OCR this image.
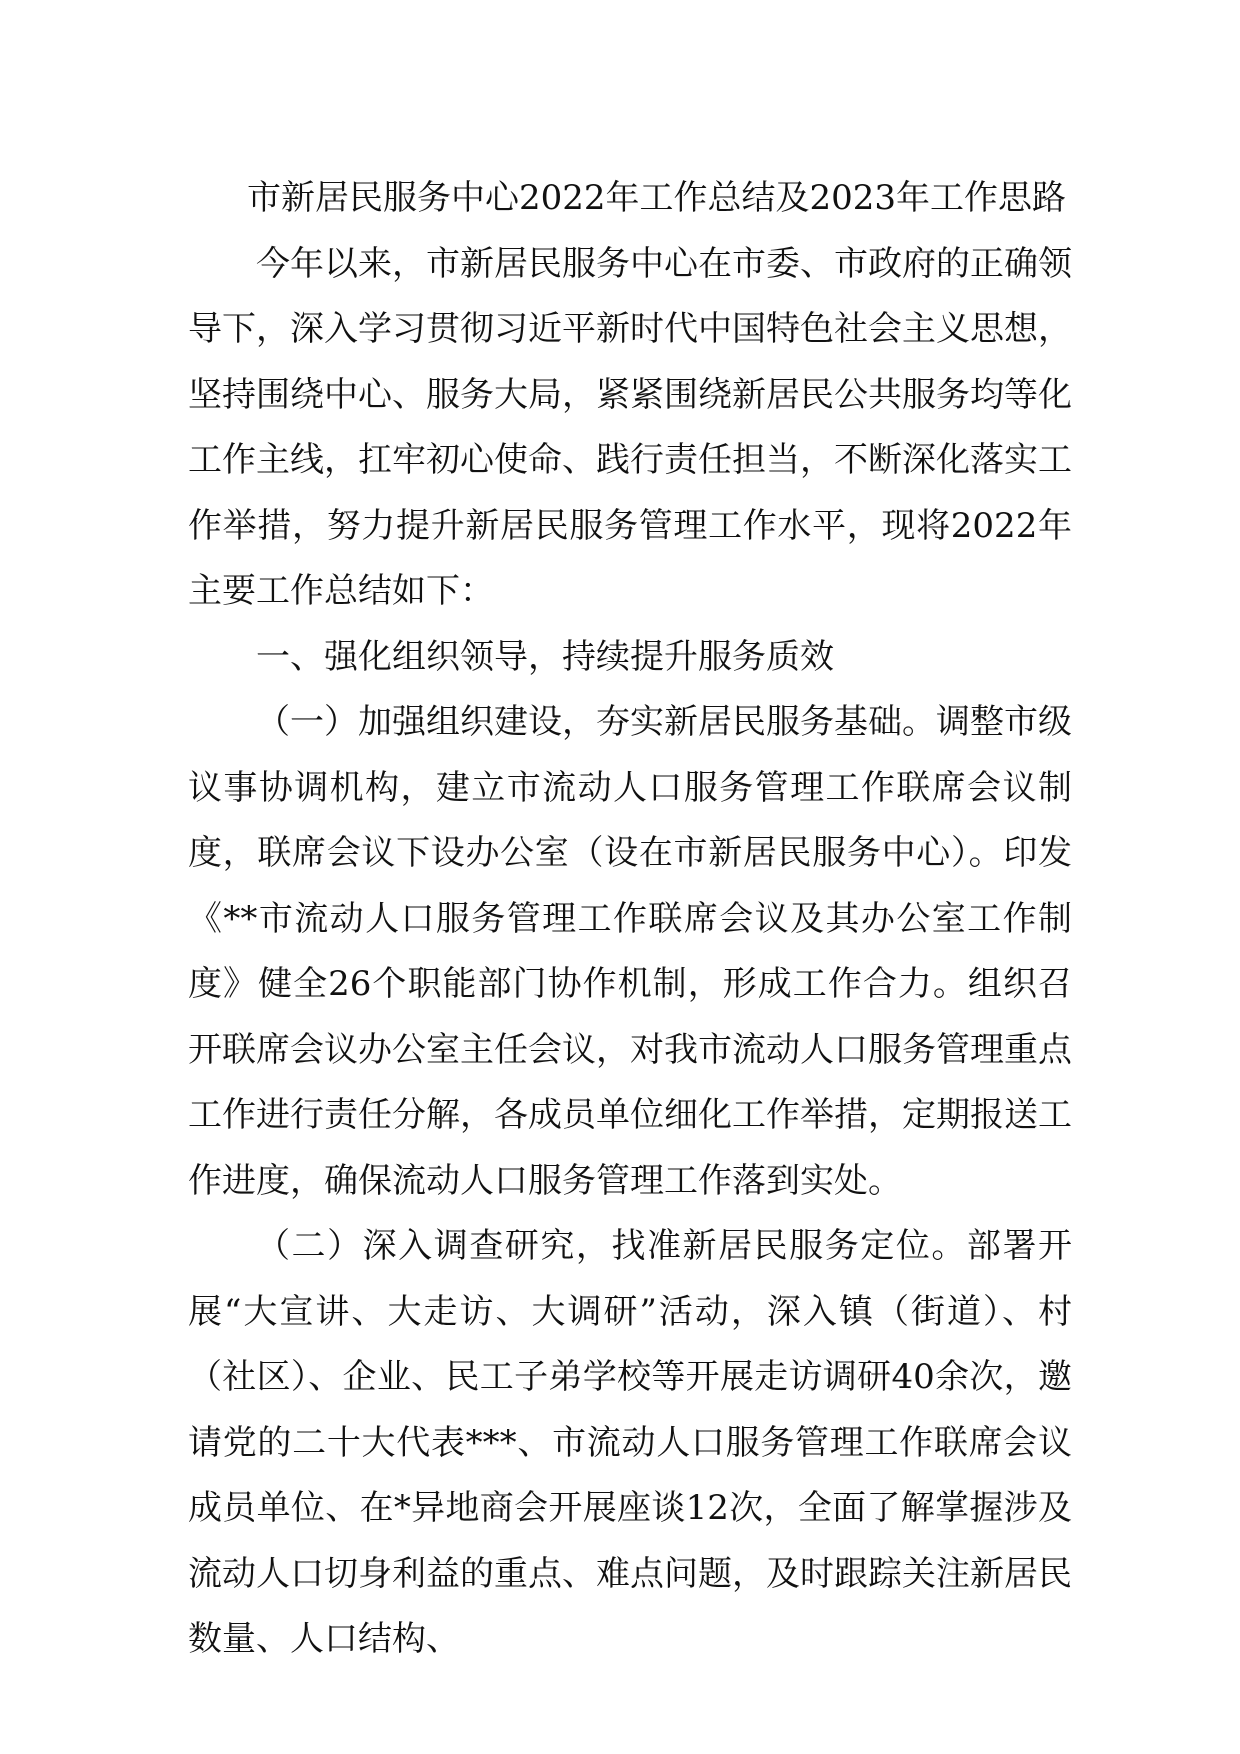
市新居民服务中心2022年工作总结及2023年工作思路

今年以来，市新居民服务中心在市委、市政府的正确领导下，深入学习贯彻习近平新时代中国特色社会主义思想，坚持围绕中心、服务大局，紧紧围绕新居民公共服务均等化工作主线，扛牢初心使命、践行责任担当，不断深化落实工作举措，努力提升新居民服务管理工作水平，现将2022年主要工作总结如下：

一、强化组织领导，持续提升服务质效

（一）加强组织建设，夯实新居民服务基础。调整市级议事协调机构，建立市流动人口服务管理工作联席会议制度，联席会议下设办公室（设在市新居民服务中心）。印发《**市流动人口服务管理工作联席会议及其办公室工作制度》健全26个职能部门协作机制，形成工作合力。组织召开联席会议办公室主任会议，对我市流动人口服务管理重点工作进行责任分解，各成员单位细化工作举措，定期报送工作进度，确保流动人口服务管理工作落到实处。

（二）深入调查研究，找准新居民服务定位。部署开展“大宣讲、大走访、大调研”活动，深入镇（街道）、村（社区）、企业、民工子弟学校等开展走访调研40余次，邀请党的二十大代表***、市流动人口服务管理工作联席会议成员单位、在*异地商会开展座谈12次，全面了解掌握涉及流动人口切身利益的重点、难点问题，及时跟踪关注新居民数量、人口结构、
